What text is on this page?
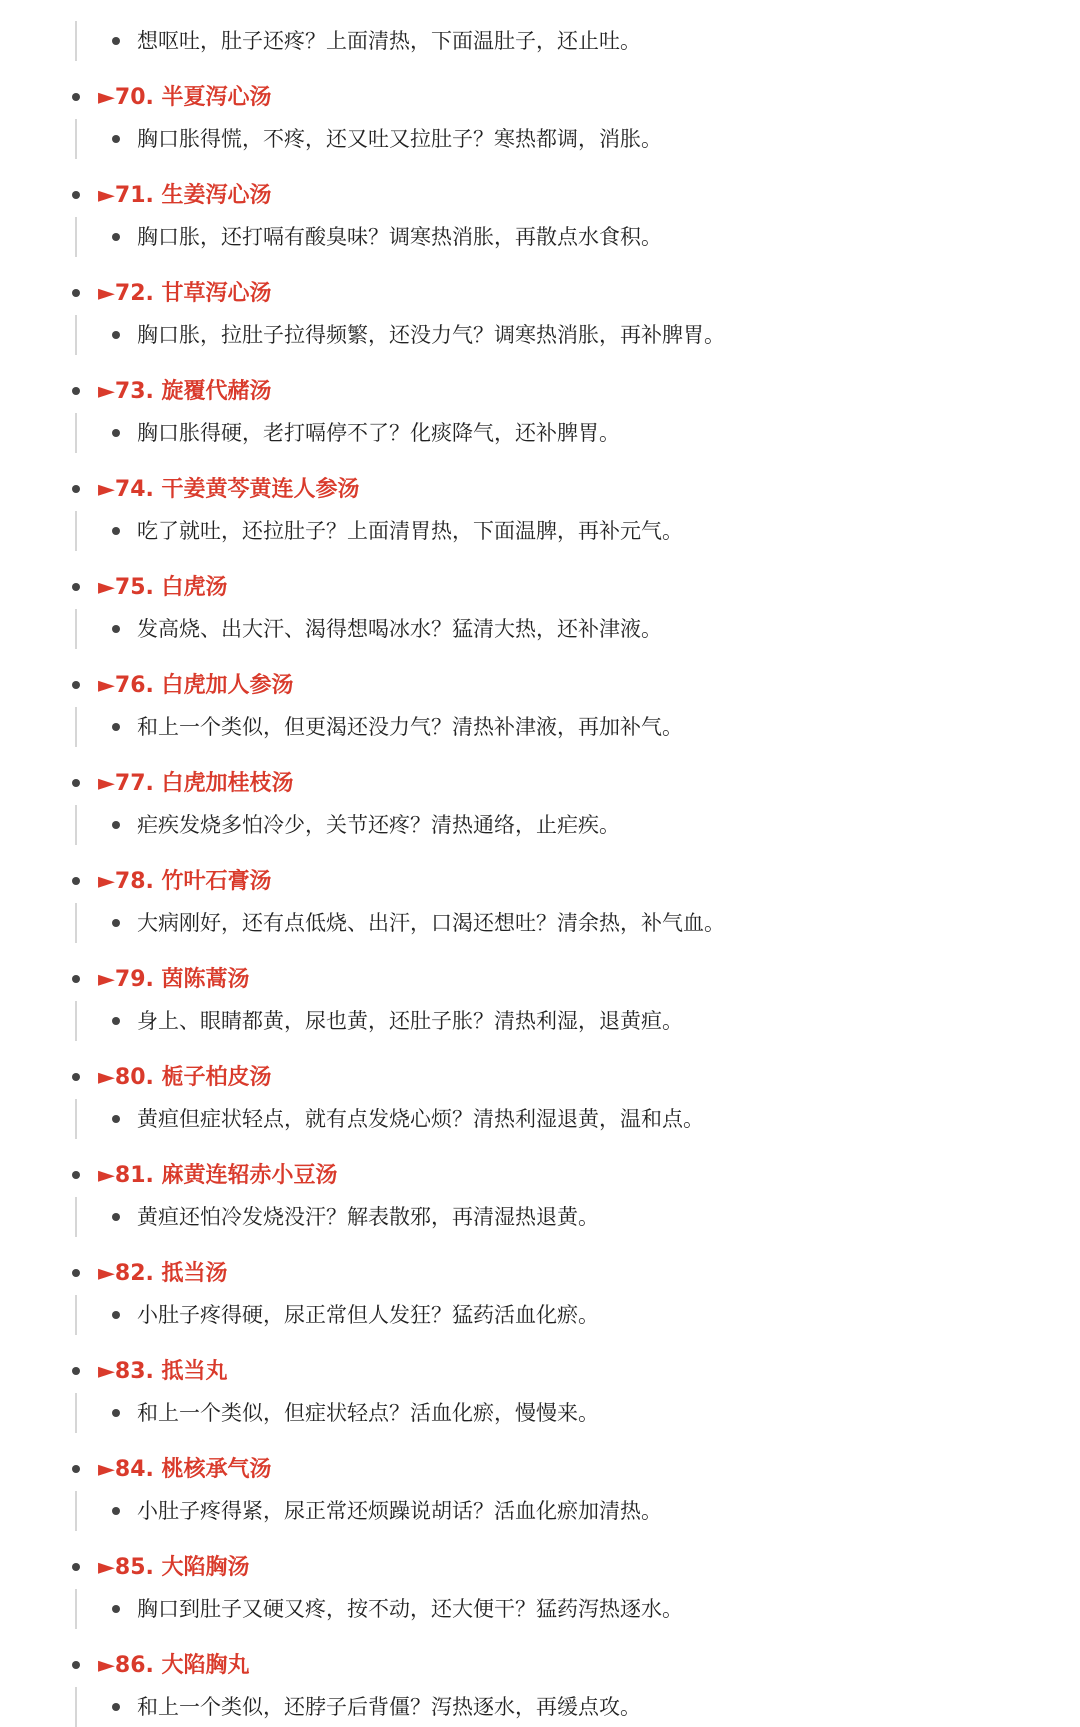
想呕吐，肚子还疼？上面清热，下面温肚子，还止吐。
►70. 半夏泻心汤
胸口胀得慌，不疼，还又吐又拉肚子？寒热都调，消胀。
►71. 生姜泻心汤
胸口胀，还打嗝有酸臭味？调寒热消胀，再散点水食积。
►72. 甘草泻心汤
胸口胀，拉肚子拉得频繁，还没力气？调寒热消胀，再补脾胃。
►73. 旋覆代赭汤
胸口胀得硬，老打嗝停不了？化痰降气，还补脾胃。
►74. 干姜黄芩黄连人参汤
吃了就吐，还拉肚子？上面清胃热，下面温脾，再补元气。
►75. 白虎汤
发高烧、出大汗、渴得想喝冰水？猛清大热，还补津液。
►76. 白虎加人参汤
和上一个类似，但更渴还没力气？清热补津液，再加补气。
►77. 白虎加桂枝汤
疟疾发烧多怕冷少，关节还疼？清热通络，止疟疾。
►78. 竹叶石膏汤
大病刚好，还有点低烧、出汗，口渴还想吐？清余热，补气血。
►79. 茵陈蒿汤
身上、眼睛都黄，尿也黄，还肚子胀？清热利湿，退黄疸。
►80. 栀子柏皮汤
黄疸但症状轻点，就有点发烧心烦？清热利湿退黄，温和点。
►81. 麻黄连轺赤小豆汤
黄疸还怕冷发烧没汗？解表散邪，再清湿热退黄。
►82. 抵当汤
小肚子疼得硬，尿正常但人发狂？猛药活血化瘀。
►83. 抵当丸
和上一个类似，但症状轻点？活血化瘀，慢慢来。
►84. 桃核承气汤
小肚子疼得紧，尿正常还烦躁说胡话？活血化瘀加清热。
►85. 大陷胸汤
胸口到肚子又硬又疼，按不动，还大便干？猛药泻热逐水。
►86. 大陷胸丸
和上一个类似，还脖子后背僵？泻热逐水，再缓点攻。
